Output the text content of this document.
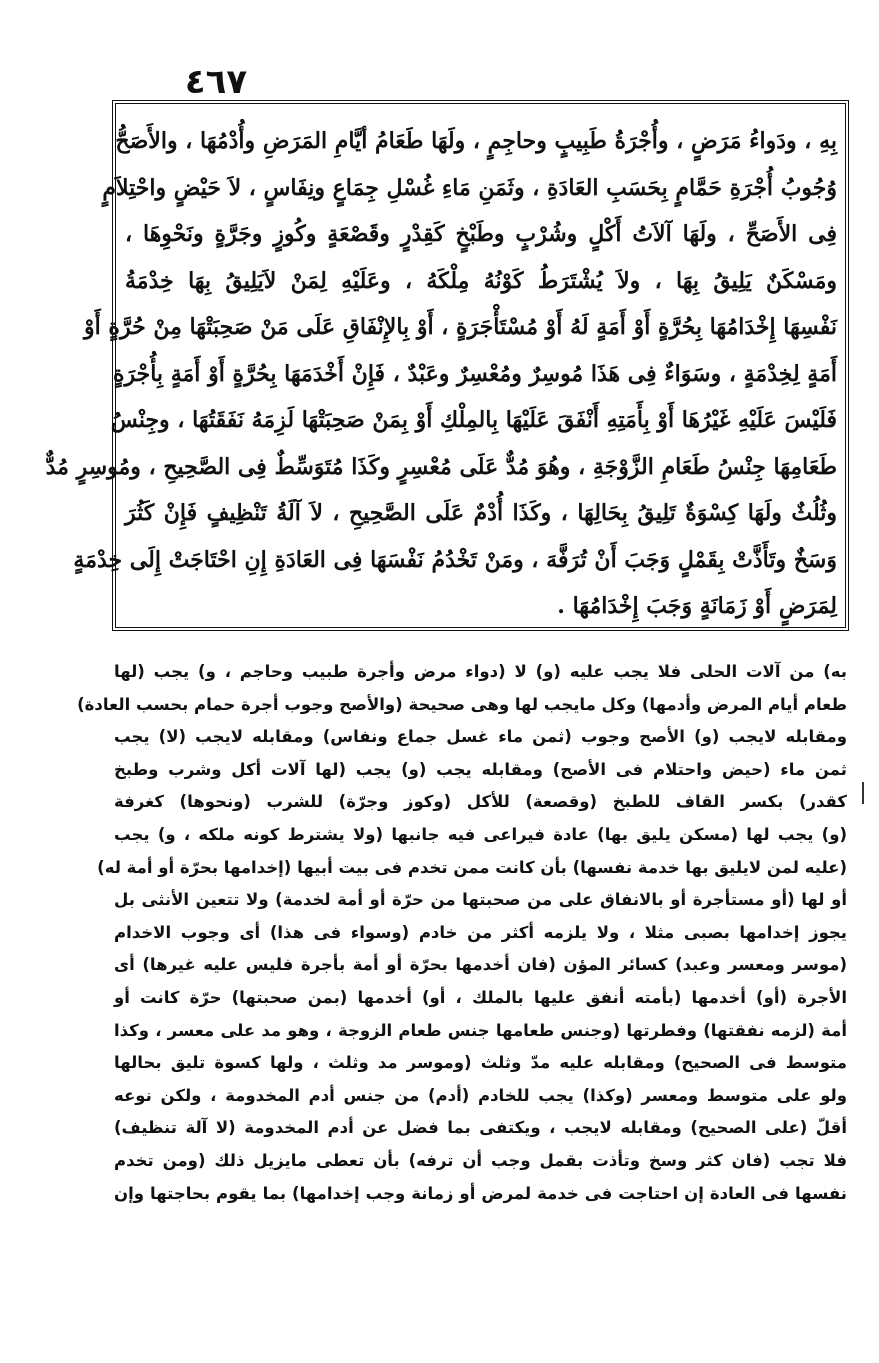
٤٦٧
بِهِ ، ودَواءُ مَرَضٍ ، وأُجْرَةُ طَبِيبٍ وحاجِمٍ ، ولَهَا طَعَامُ أيَّامِ المَرَضِ وأُدْمُهَا ، والأَصَحُّ
وُجُوبُ أُجْرَةِ حَمَّامٍ بِحَسَبِ العَادَةِ ، وثَمَنِ مَاءِ غُسْلِ جِمَاعٍ ونِفَاسٍ ، لاَ حَيْضٍ واحْتِلاَمٍ
فِى الأَصَحِّ ، ولَهَا آلاَتُ أَكْلٍ وشُرْبٍ وطَبْخٍ كَقِدْرٍ وقَصْعَةٍ وكُوزٍ وجَرَّةٍ ونَحْوِهَا ،
ومَسْكَنٌ يَلِيقُ بِهَا ، ولاَ يُشْتَرَطُ كَوْنُهُ مِلْكَهُ ، وعَلَيْهِ لِمَنْ لاَيَلِيقُ بِهَا خِدْمَةُ
نَفْسِهَا إِخْدَامُهَا بِحُرَّةٍ أَوْ أَمَةٍ لَهُ أَوْ مُسْتَأْجَرَةٍ ، أَوْ بِالإِنْفَاقِ عَلَى مَنْ صَحِبَتْهَا مِنْ حُرَّةٍ أَوْ
أَمَةٍ لِخِدْمَةٍ ، وسَوَاءٌ فِى هَذَا مُوسِرٌ ومُعْسِرٌ وعَبْدٌ ، فَإِنْ أَخْدَمَهَا بِحُرَّةٍ أَوْ أَمَةٍ بِأُجْرَةٍ
فَلَيْسَ عَلَيْهِ غَيْرُهَا أَوْ بِأَمَتِهِ أَنْفَقَ عَلَيْهَا بِالمِلْكِ أَوْ بِمَنْ صَحِبَتْهَا لَزِمَهُ نَفَقَتُهَا ، وجِنْسُ
طَعَامِهَا جِنْسُ طَعَامِ الزَّوْجَةِ ، وهُوَ مُدٌّ عَلَى مُعْسِرٍ وكَذَا مُتَوَسِّطٌ فِى الصَّحِيحِ ، ومُوسِرٍ مُدٌّ
وثُلُثٌ ولَهَا كِسْوَةٌ تَلِيقُ بِحَالِهَا ، وكَذَا أُدْمٌ عَلَى الصَّحِيحِ ، لاَ آلَةُ تَنْظِيفٍ فَإِنْ كَثُرَ
وَسَخٌ وتَأَذَّتْ بِقَمْلٍ وَجَبَ أَنْ تُرَفَّهَ ، ومَنْ تَخْدُمُ نَفْسَهَا فِى العَادَةِ إِنِ احْتَاجَتْ إِلَى خِدْمَةٍ
لِمَرَضٍ أَوْ زَمَانَةٍ وَجَبَ إِخْدَامُهَا .
به) من آلات الحلى فلا يجب عليه (و) لا (دواء مرض وأجرة طبيب وحاجم ، و) يجب (لها
طعام أيام المرض وأدمها) وكل مايجب لها وهى صحيحة (والأصح وجوب أجرة حمام بحسب العادة)
ومقابله لايجب (و) الأصح وجوب (ثمن ماء غسل جماع ونفاس) ومقابله لايجب (لا) يجب
ثمن ماء (حيض واحتلام فى الأصح) ومقابله يجب (و) يجب (لها آلات أكل وشرب وطبخ
كقدر) بكسر القاف للطبخ (وقصعة) للأكل (وكوز وجرّة) للشرب (ونحوها) كغرفة
(و) يجب لها (مسكن يليق بها) عادة فيراعى فيه جانبها (ولا يشترط كونه ملكه ، و) يجب
(عليه لمن لايليق بها خدمة نفسها) بأن كانت ممن تخدم فى بيت أبيها (إخدامها بحرّة أو أمة له)
أو لها (أو مستأجرة أو بالانفاق على من صحبتها من حرّة أو أمة لخدمة) ولا تتعين الأنثى بل
يجوز إخدامها بصبى مثلا ، ولا يلزمه أكثر من خادم (وسواء فى هذا) أى وجوب الاخدام
(موسر ومعسر وعبد) كسائر المؤن (فان أخدمها بحرّة أو أمة بأجرة فليس عليه غيرها) أى
الأجرة (أو) أخدمها (بأمته أنفق عليها بالملك ، أو) أخدمها (بمن صحبتها) حرّة كانت أو
أمة (لزمه نفقتها) وفطرتها (وجنس طعامها جنس طعام الزوجة ، وهو مد على معسر ، وكذا
متوسط فى الصحيح) ومقابله عليه مدّ وثلث (وموسر مد وثلث ، ولها كسوة تليق بحالها
ولو على متوسط ومعسر (وكذا) يجب للخادم (أدم) من جنس أدم المخدومة ، ولكن نوعه
أقلّ (على الصحيح) ومقابله لايجب ، ويكتفى بما فضل عن أدم المخدومة (لا آلة تنظيف)
فلا تجب (فان كثر وسخ وتأذت بقمل وجب أن ترفه) بأن تعطى مايزيل ذلك (ومن تخدم
نفسها فى العادة إن احتاجت فى خدمة لمرض أو زمانة وجب إخدامها) بما يقوم بحاجتها وإن
